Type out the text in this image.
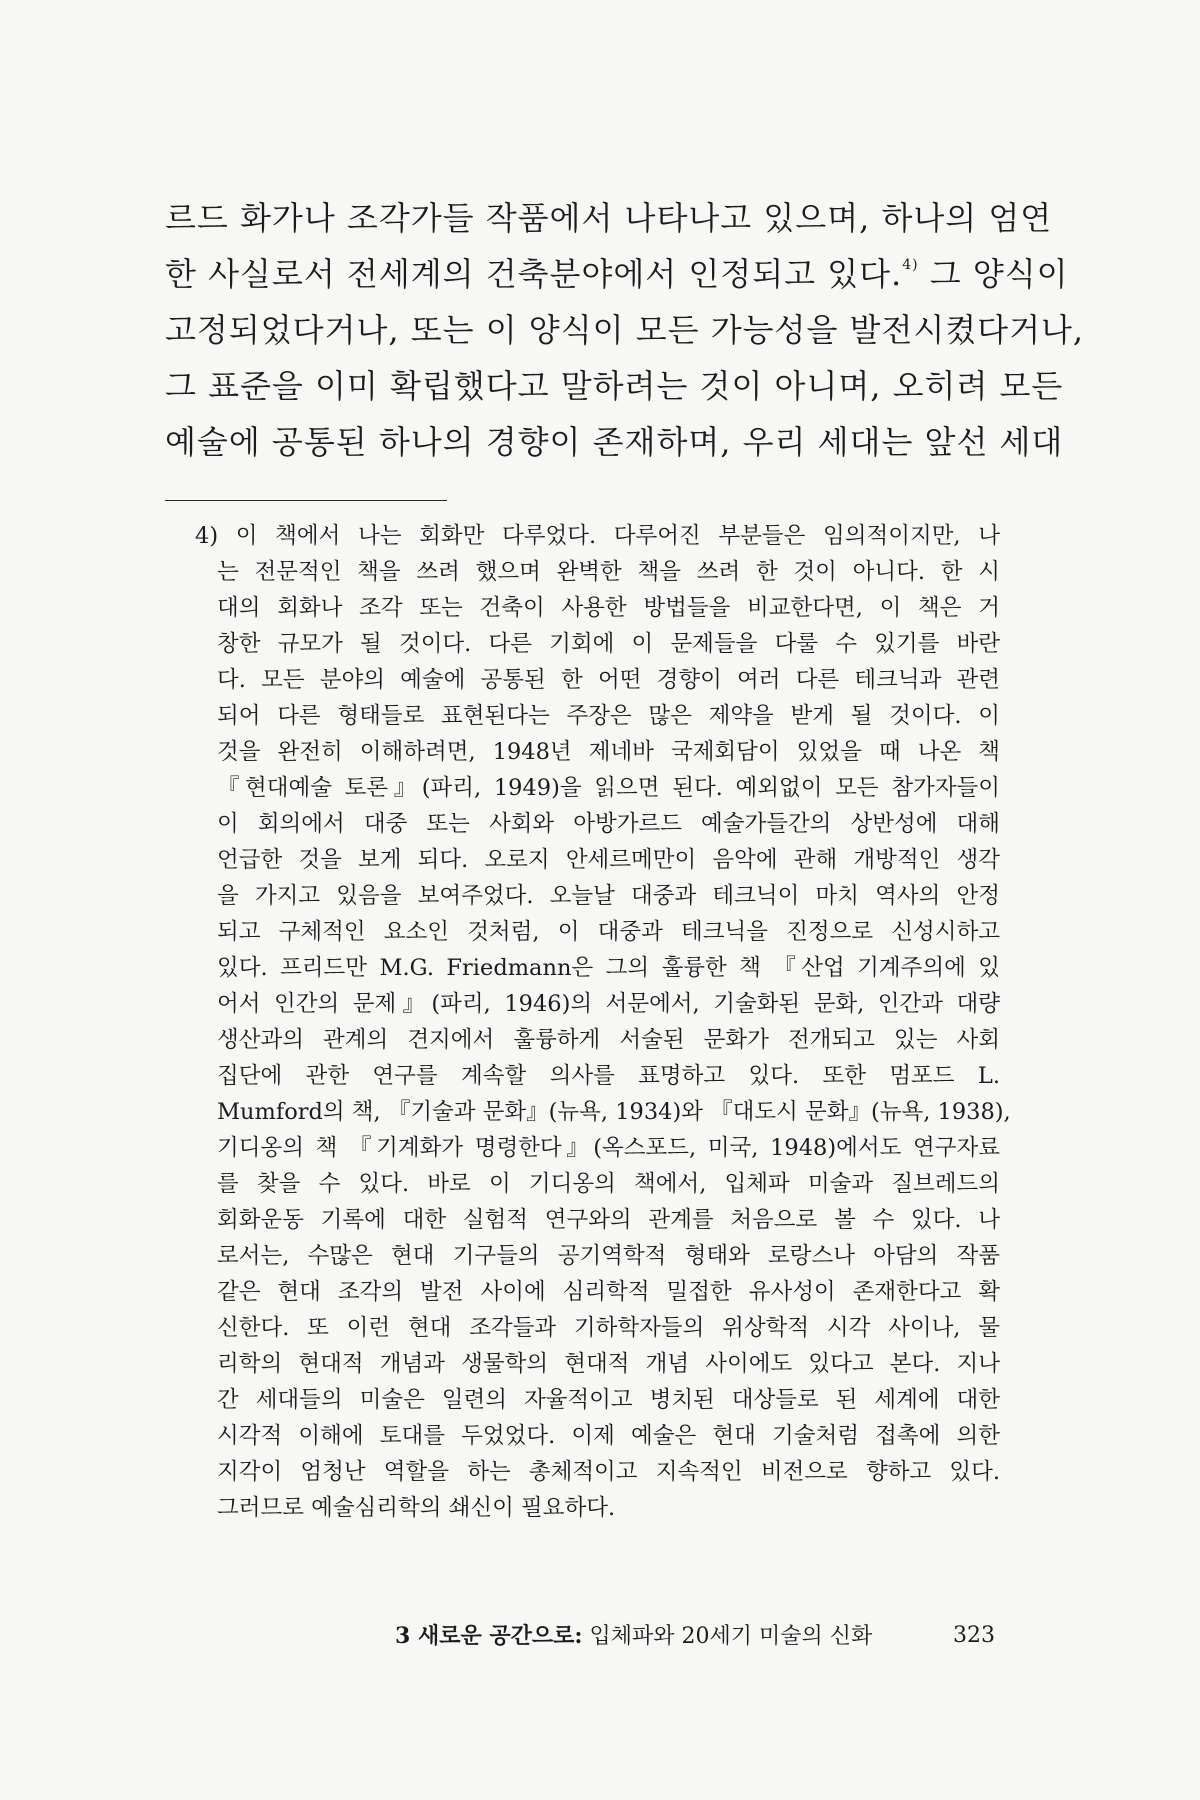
르드 화가나 조각가들 작품에서 나타나고 있으며, 하나의 엄연
한 사실로서 전세계의 건축분야에서 인정되고 있다.$^{4)}$ 그 양식이
고정되었다거나, 또는 이 양식이 모든 가능성을 발전시켰다거나,
그 표준을 이미 확립했다고 말하려는 것이 아니며, 오히려 모든
예술에 공통된 하나의 경향이 존재하며, 우리 세대는 앞선 세대
4) 이 책에서 나는 회화만 다루었다. 다루어진 부분들은 임의적이지만, 나
는 전문적인 책을 쓰려 했으며 완벽한 책을 쓰려 한 것이 아니다. 한 시
대의 회화나 조각 또는 건축이 사용한 방법들을 비교한다면, 이 책은 거
창한 규모가 될 것이다. 다른 기회에 이 문제들을 다룰 수 있기를 바란
다. 모든 분야의 예술에 공통된 한 어떤 경향이 여러 다른 테크닉과 관련
되어 다른 형태들로 표현된다는 주장은 많은 제약을 받게 될 것이다. 이
것을 완전히 이해하려면, 1948년 제네바 국제회담이 있었을 때 나온 책
『현대예술 토론』(파리, 1949)을 읽으면 된다. 예외없이 모든 참가자들이
이 회의에서 대중 또는 사회와 아방가르드 예술가들간의 상반성에 대해
언급한 것을 보게 되다. 오로지 안세르메만이 음악에 관해 개방적인 생각
을 가지고 있음을 보여주었다. 오늘날 대중과 테크닉이 마치 역사의 안정
되고 구체적인 요소인 것처럼, 이 대중과 테크닉을 진정으로 신성시하고
있다. 프리드만 M.G. Friedmann은 그의 훌륭한 책 『산업 기계주의에 있
어서 인간의 문제』(파리, 1946)의 서문에서, 기술화된 문화, 인간과 대량
생산과의 관계의 견지에서 훌륭하게 서술된 문화가 전개되고 있는 사회
집단에 관한 연구를 계속할 의사를 표명하고 있다. 또한 멈포드 L.
Mumford의 책, 『기술과 문화』(뉴욕, 1934)와 『대도시 문화』(뉴욕, 1938),
기디옹의 책 『기계화가 명령한다』(옥스포드, 미국, 1948)에서도 연구자료
를 찾을 수 있다. 바로 이 기디옹의 책에서, 입체파 미술과 질브레드의
회화운동 기록에 대한 실험적 연구와의 관계를 처음으로 볼 수 있다. 나
로서는, 수많은 현대 기구들의 공기역학적 형태와 로랑스나 아담의 작품
같은 현대 조각의 발전 사이에 심리학적 밀접한 유사성이 존재한다고 확
신한다. 또 이런 현대 조각들과 기하학자들의 위상학적 시각 사이나, 물
리학의 현대적 개념과 생물학의 현대적 개념 사이에도 있다고 본다. 지나
간 세대들의 미술은 일련의 자율적이고 병치된 대상들로 된 세계에 대한
시각적 이해에 토대를 두었었다. 이제 예술은 현대 기술처럼 접촉에 의한
지각이 엄청난 역할을 하는 총체적이고 지속적인 비전으로 향하고 있다.
그러므로 예술심리학의 쇄신이 필요하다.
3 새로운 공간으로: 입체파와 20세기 미술의 신화	323
